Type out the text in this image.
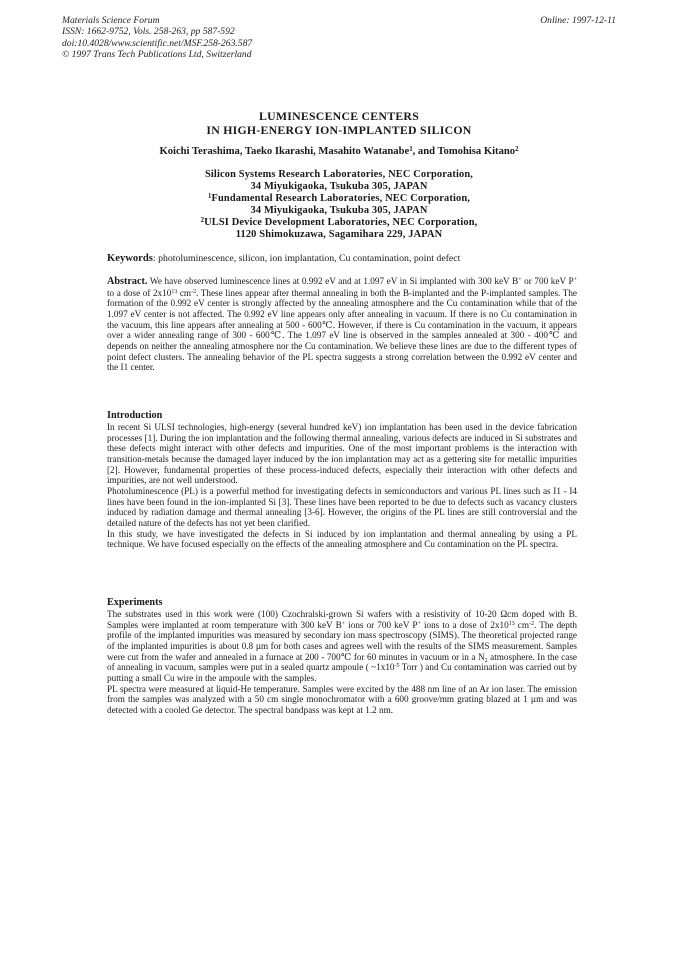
Materials Science Forum
ISSN: 1662-9752, Vols. 258-263, pp 587-592
doi:10.4028/www.scientific.net/MSF.258-263.587
© 1997 Trans Tech Publications Ltd, Switzerland
Online: 1997-12-11
LUMINESCENCE CENTERS
IN HIGH-ENERGY ION-IMPLANTED SILICON
Koichi Terashima, Taeko Ikarashi, Masahito Watanabe$^1$, and Tomohisa Kitano$^2$
Silicon Systems Research Laboratories, NEC Corporation,
34 Miyukigaoka, Tsukuba 305, JAPAN
$^1$Fundamental Research Laboratories, NEC Corporation,
34 Miyukigaoka, Tsukuba 305, JAPAN
$^2$ULSI Device Development Laboratories, NEC Corporation,
1120 Shimokuzawa, Sagamihara 229, JAPAN
Keywords: photoluminescence, silicon, ion implantation, Cu contamination, point defect

Abstract. We have observed luminescence lines at 0.992 eV and at 1.097 eV in Si implanted with 300 keV B+ or 700 keV P+ to a dose of $2x10^{13}$ $cm^{-2}$. These lines appear after thermal annealing in both the B-implanted and the P-implanted samples. The formation of the 0.992 eV center is strongly affected by the annealing atmosphere and the Cu contamination while that of the 1.097 eV center is not affected. The 0.992 eV line appears only after annealing in vacuum. If there is no Cu contamination in the vacuum, this line appears after annealing at 500 - 600℃. However, if there is Cu contamination in the vacuum, it appears over a wider annealing range of 300 - 600℃. The 1.097 eV line is observed in the samples annealed at 300 - 400℃ and depends on neither the annealing atmosphere nor the Cu contamination. We believe these lines are due to the different types of point defect clusters. The annealing behavior of the PL spectra suggests a strong correlation between the 0.992 eV center and the I1 center.

Introduction

In recent Si ULSI technologies, high-energy (several hundred keV) ion implantation has been used in the device fabrication processes [1]. During the ion implantation and the following thermal annealing, various defects are induced in Si substrates and these defects might interact with other defects and impurities. One of the most important problems is the interaction with transition-metals because the damaged layer induced by the ion implantation may act as a gettering site for metallic impurities [2]. However, fundamental properties of these process-induced defects, especially their interaction with other defects and impurities, are not well understood.

Photoluminescence (PL) is a powerful method for investigating defects in semiconductors and various PL lines such as I1 - I4 lines have been found in the ion-implanted Si [3]. These lines have been reported to be due to defects such as vacancy clusters induced by radiation damage and thermal annealing [3-6]. However, the origins of the PL lines are still controversial and the detailed nature of the defects has not yet been clarified.

In this study, we have investigated the defects in Si induced by ion implantation and thermal annealing by using a PL technique. We have focused especially on the effects of the annealing atmosphere and Cu contamination on the PL spectra.

Experiments

The substrates used in this work were (100) Czochralski-grown Si wafers with a resistivity of 10-20 Ωcm doped with B. Samples were implanted at room temperature with 300 keV B+ ions or 700 keV P+ ions to a dose of $2x10^{13}$ $cm^{-2}$. The depth profile of the implanted impurities was measured by secondary ion mass spectroscopy (SIMS). The theoretical projected range of the implanted impurities is about 0.8 µm for both cases and agrees well with the results of the SIMS measurement. Samples were cut from the wafer and annealed in a furnace at 200 - 700℃ for 60 minutes in vacuum or in a $N_2$ atmosphere. In the case of annealing in vacuum, samples were put in a sealed quartz ampoule ( $\sim 1x10^{-5}$ Torr ) and Cu contamination was carried out by putting a small Cu wire in the ampoule with the samples.

PL spectra were measured at liquid-He temperature. Samples were excited by the 488 nm line of an Ar ion laser. The emission from the samples was analyzed with a 50 cm single monochromator with a 600 groove/mm grating blazed at 1 µm and was detected with a cooled Ge detector. The spectral bandpass was kept at 1.2 nm.
